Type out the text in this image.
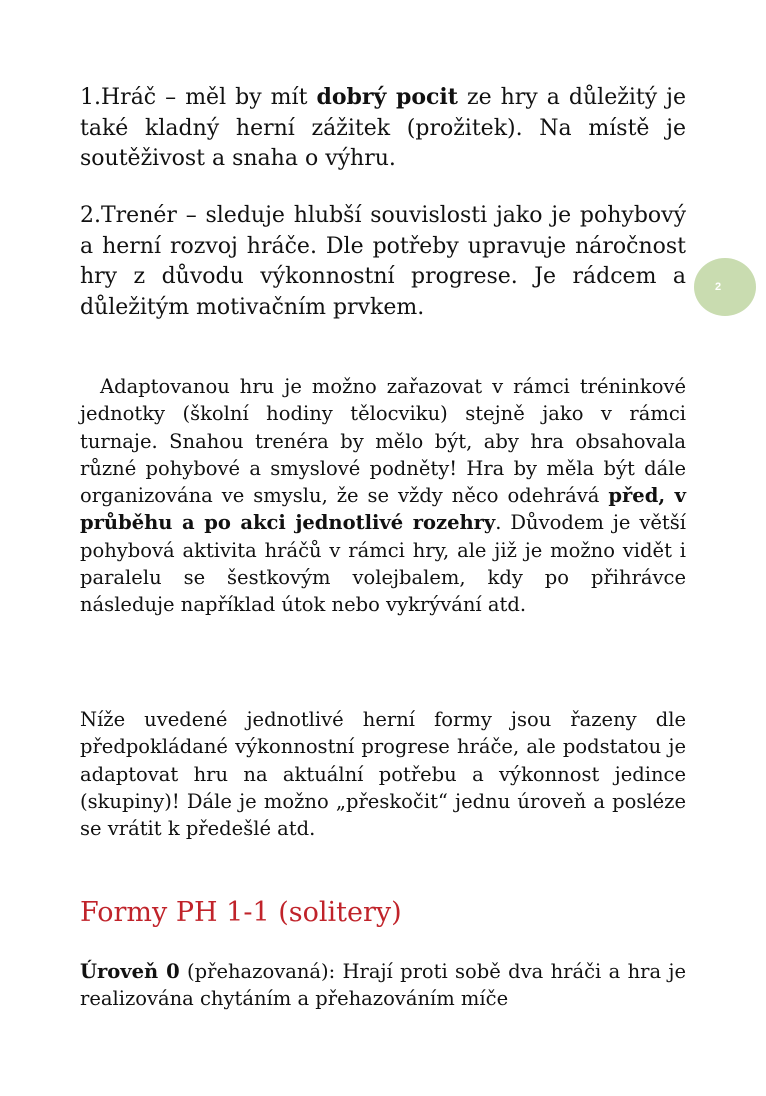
2

1.Hráč – měl by mít dobrý pocit ze hry a důležitý je také kladný herní zážitek (prožitek). Na místě je soutěživost a snaha o výhru.

2.Trenér – sleduje hlubší souvislosti jako je pohybový a herní rozvoj hráče. Dle potřeby upravuje náročnost hry z důvodu výkonnostní progrese. Je rádcem a důležitým motivačním prvkem.

Adaptovanou hru je možno zařazovat v rámci tréninkové jednotky (školní hodiny tělocviku) stejně jako v rámci turnaje. Snahou trenéra by mělo být, aby hra obsahovala různé pohybové a smyslové podněty! Hra by měla být dále organizována ve smyslu, že se vždy něco odehrává před, v průběhu a po akci jednotlivé rozehry. Důvodem je větší pohybová aktivita hráčů v rámci hry, ale již je možno vidět i paralelu se šestkovým volejbalem, kdy po přihrávce následuje například útok nebo vykrývání atd.

Níže uvedené jednotlivé herní formy jsou řazeny dle předpokládané výkonnostní progrese hráče, ale podstatou je adaptovat hru na aktuální potřebu a výkonnost jedince (skupiny)! Dále je možno „přeskočit“ jednu úroveň a posléze se vrátit k předešlé atd.

Formy PH 1-1 (solitery)

Úroveň 0 (přehazovaná): Hrají proti sobě dva hráči a hra je realizována chytáním a přehazováním míče
